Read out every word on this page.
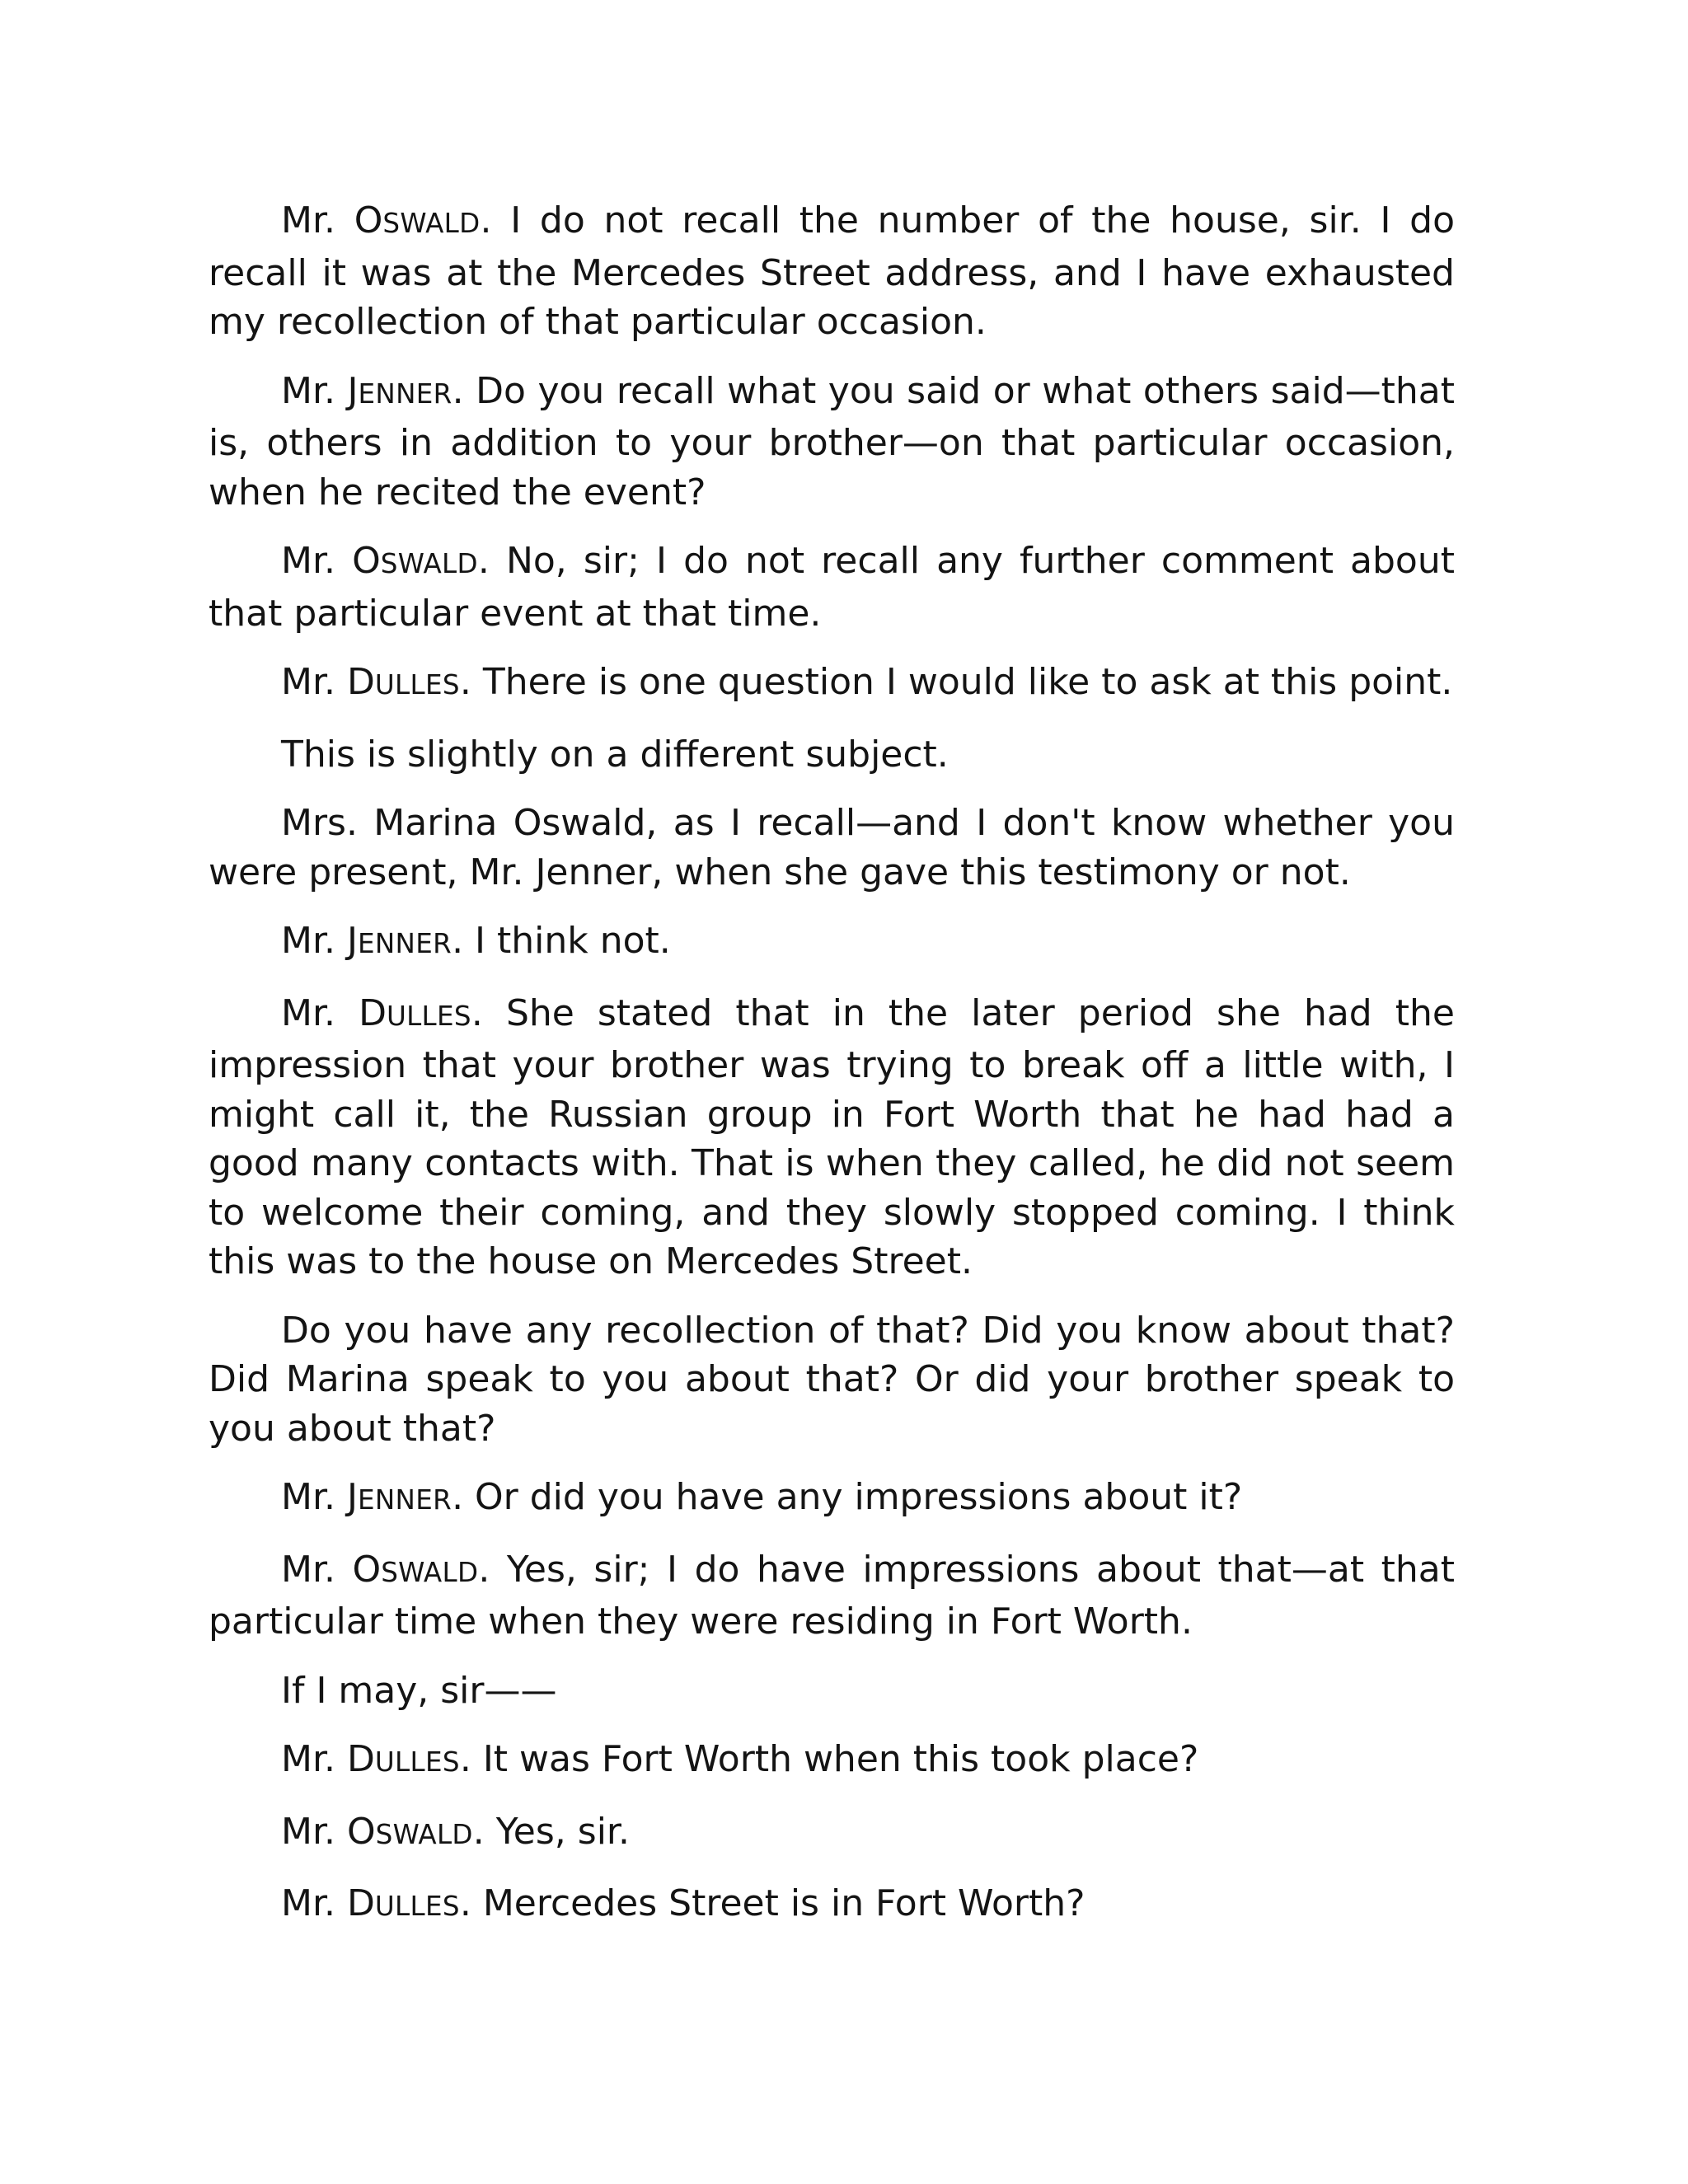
Mr. OSWALD. I do not recall the number of the house, sir. I do recall it was at the Mercedes Street address, and I have exhausted my recollection of that particular occasion.

Mr. JENNER. Do you recall what you said or what others said—that is, others in addition to your brother—on that particular occasion, when he recited the event?

Mr. OSWALD. No, sir; I do not recall any further comment about that particular event at that time.

Mr. DULLES. There is one question I would like to ask at this point.

This is slightly on a different subject.

Mrs. Marina Oswald, as I recall—and I don't know whether you were present, Mr. Jenner, when she gave this testimony or not.

Mr. JENNER. I think not.

Mr. DULLES. She stated that in the later period she had the impression that your brother was trying to break off a little with, I might call it, the Russian group in Fort Worth that he had had a good many contacts with. That is when they called, he did not seem to welcome their coming, and they slowly stopped coming. I think this was to the house on Mercedes Street.

Do you have any recollection of that? Did you know about that? Did Marina speak to you about that? Or did your brother speak to you about that?

Mr. JENNER. Or did you have any impressions about it?

Mr. OSWALD. Yes, sir; I do have impressions about that—at that particular time when they were residing in Fort Worth.

If I may, sir——

Mr. DULLES. It was Fort Worth when this took place?

Mr. OSWALD. Yes, sir.

Mr. DULLES. Mercedes Street is in Fort Worth?
